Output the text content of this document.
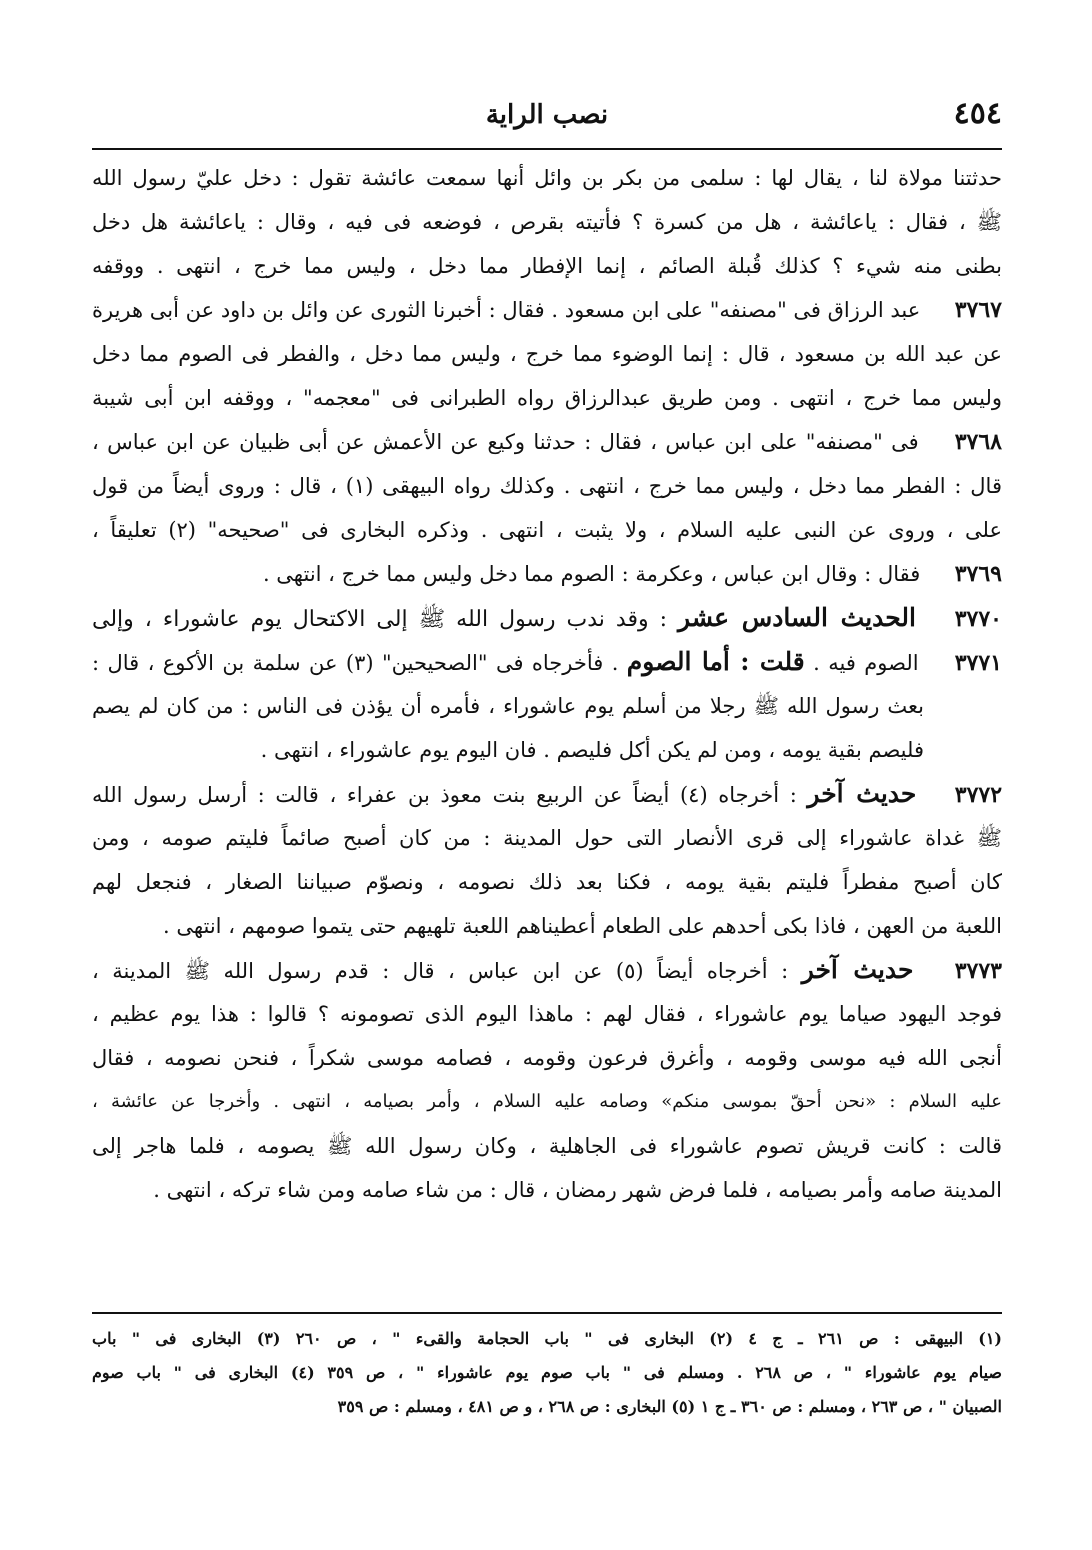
٤٥٤
نصب الراية
حدثتنا مولاة لنا ، يقال لها : سلمى من بكر بن وائل أنها سمعت عائشة تقول : دخل عليّ رسول الله
ﷺ ، فقال : ياعائشة ، هل من كسرة ؟ فأتيته بقرص ، فوضعه فى فيه ، وقال : ياعائشة هل دخل
بطنى منه شيء ؟ كذلك قُبلة الصائم ، إنما الإفطار مما دخل ، وليس مما خرج ، انتهى . ووقفه
٣٧٦٧ عبد الرزاق فى "مصنفه" على ابن مسعود . فقال : أخبرنا الثورى عن وائل بن داود عن أبى هريرة
عن عبد الله بن مسعود ، قال : إنما الوضوء مما خرج ، وليس مما دخل ، والفطر فى الصوم مما دخل
وليس مما خرج ، انتهى . ومن طريق عبدالرزاق رواه الطبرانى فى "معجمه" ، ووقفه ابن أبى شيبة
٣٧٦٨ فى "مصنفه" على ابن عباس ، فقال : حدثنا وكيع عن الأعمش عن أبى ظبيان عن ابن عباس ،
قال : الفطر مما دخل ، وليس مما خرج ، انتهى . وكذلك رواه البيهقى (١) ، قال : وروى أيضاً من قول
على ، وروى عن النبى عليه السلام ، ولا يثبت ، انتهى . وذكره البخارى فى "صحيحه" (٢) تعليقاً ،
٣٧٦٩ فقال : وقال ابن عباس ، وعكرمة : الصوم مما دخل وليس مما خرج ، انتهى .
٣٧٧٠ الحديث السادس عشر : وقد ندب رسول الله ﷺ إلى الاكتحال يوم عاشوراء ، وإلى
٣٧٧١ الصوم فيه . قلت : أما الصوم . فأخرجاه فى "الصحيحين" (٣) عن سلمة بن الأكوع ، قال :
بعث رسول الله ﷺ رجلا من أسلم يوم عاشوراء ، فأمره أن يؤذن فى الناس : من كان لم يصم
فليصم بقية يومه ، ومن لم يكن أكل فليصم . فان اليوم يوم عاشوراء ، انتهى .
٣٧٧٢ حديث آخر : أخرجاه (٤) أيضاً عن الربيع بنت معوذ بن عفراء ، قالت : أرسل رسول الله
ﷺ غداة عاشوراء إلى قرى الأنصار التى حول المدينة : من كان أصبح صائماً فليتم صومه ، ومن
كان أصبح مفطراً فليتم بقية يومه ، فكنا بعد ذلك نصومه ، ونصوّم صبياننا الصغار ، فنجعل لهم
اللعبة من العهن ، فاذا بكى أحدهم على الطعام أعطيناهم اللعبة تلهيهم حتى يتموا صومهم ، انتهى .
٣٧٧٣ حديث آخر : أخرجاه أيضاً (٥) عن ابن عباس ، قال : قدم رسول الله ﷺ المدينة ،
فوجد اليهود صياما يوم عاشوراء ، فقال لهم : ماهذا اليوم الذى تصومونه ؟ قالوا : هذا يوم عظيم ،
أنجى الله فيه موسى وقومه ، وأغرق فرعون وقومه ، فصامه موسى شكراً ، فنحن نصومه ، فقال
عليه السلام : «نحن أحقّ بموسى منكم» وصامه عليه السلام ، وأمر بصيامه ، انتهى . وأخرجا عن عائشة ،
قالت : كانت قريش تصوم عاشوراء فى الجاهلية ، وكان رسول الله ﷺ يصومه ، فلما هاجر إلى
المدينة صامه وأمر بصيامه ، فلما فرض شهر رمضان ، قال : من شاء صامه ومن شاء تركه ، انتهى .
(١) البيهقى : ص ٢٦١ ـ ج ٤ (٢) البخارى فى " باب الحجامة والقىء " ، ص ٢٦٠ (٣) البخارى فى " باب
صيام يوم عاشوراء " ، ص ٢٦٨ . ومسلم فى " باب صوم يوم عاشوراء " ، ص ٣٥٩ (٤) البخارى فى " باب صوم
الصبيان " ، ص ٢٦٣ ، ومسلم : ص ٣٦٠ ـ ج ١ (٥) البخارى : ص ٢٦٨ ، و ص ٤٨١ ، ومسلم : ص ٣٥٩
